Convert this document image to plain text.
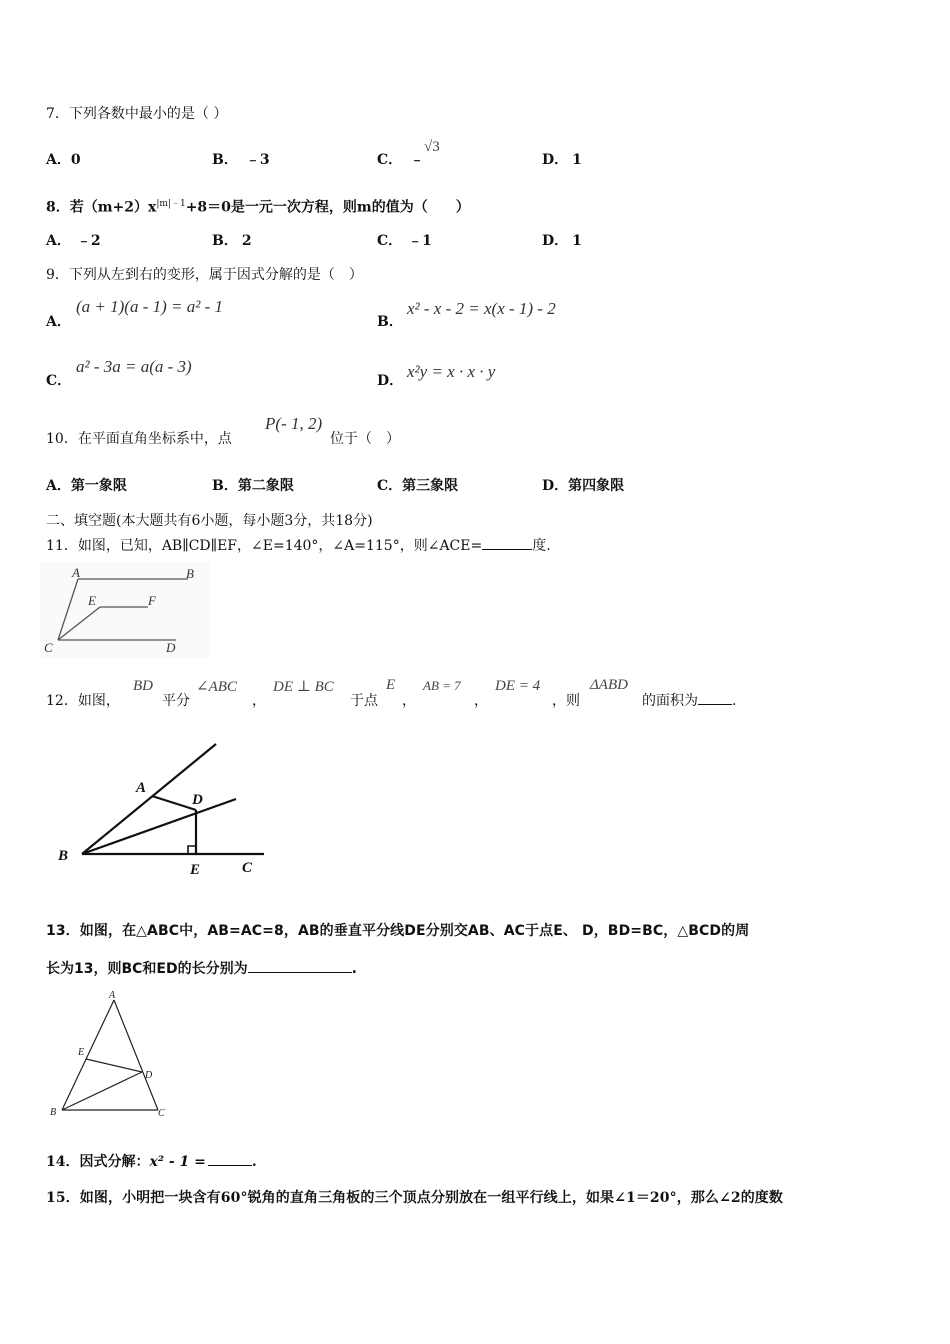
7．下列各数中最小的是（ ）
A．0	B． ﹣3	C． ﹣
√3
D． 1
8．若$(m+2)x^{|m|﹣1}+8=0$是一元一次方程，则m的值为（　　）
A． ﹣2	B． 2	C． ﹣1	D． 1
9．下列从左到右的变形，属于因式分解的是（　）
A．
(a + 1)(a - 1) = a² - 1
B．
x² - x - 2 = x(x - 1) - 2
C．
a² - 3a = a(a - 3)
D． x²y = x · x · y
10．在平面直角坐标系中，点
P(- 1, 2)
位于（　）
A．第一象限	B．第二象限	C．第三象限	D．第四象限
二、填空题(本大题共有6小题，每小题3分，共18分)
11．如图，已知，AB∥CD∥EF，∠E=140°，∠A=115°，则∠ACE=	度.
A	B
E	F
C	D
12．如图，
BD
平分
∠ABC
，
DE ⊥ BC
于点
E
，
AB = 7
，
DE = 4
，则
ΔABD
的面积为 .
A
D
B
E	C
13．如图，在△ABC中，AB=AC=8，AB的垂直平分线DE分别交AB、AC于点E、 D，BD=BC，△BCD的周
长为13，则BC和ED的长分别为	.
A
E
D
B	C
14．因式分解：x² - 1 =	.
15．如图，小明把一块含有60°锐角的直角三角板的三个顶点分别放在一组平行线上，如果∠1＝20°，那么∠2的度数
